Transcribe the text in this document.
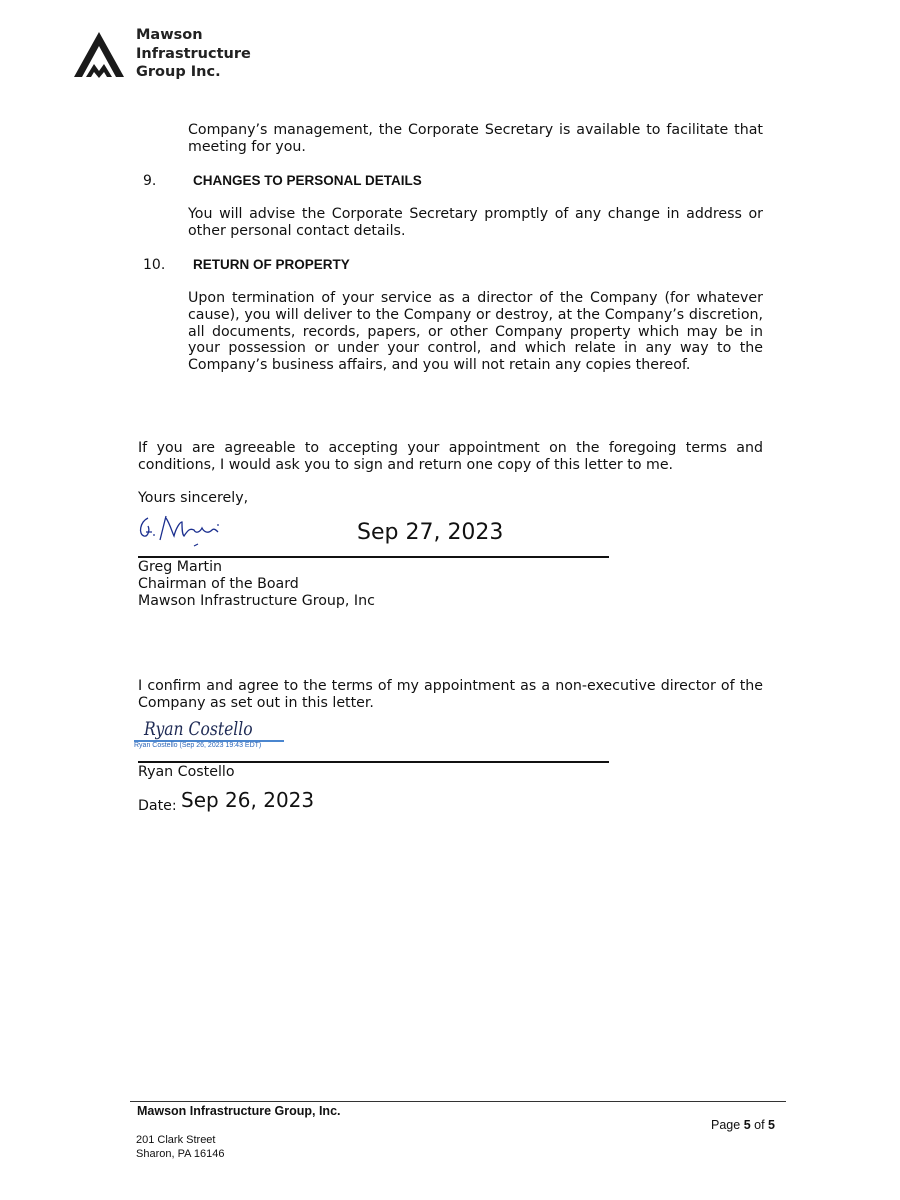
Mawson
Infrastructure
Group Inc.
Company’s management, the Corporate Secretary is available to facilitate that meeting for you.
9.	CHANGES TO PERSONAL DETAILS
You will advise the Corporate Secretary promptly of any change in address or other personal contact details.
10. RETURN OF PROPERTY
Upon termination of your service as a director of the Company (for whatever cause), you will deliver to the Company or destroy, at the Company’s discretion, all documents, records, papers, or other Company property which may be in your possession or under your control, and which relate in any way to the Company’s business affairs, and you will not retain any copies thereof.
If you are agreeable to accepting your appointment on the foregoing terms and conditions, I would ask you to sign and return one copy of this letter to me.
Yours sincerely,
Sep 27, 2023
Greg Martin
Chairman of the Board
Mawson Infrastructure Group, Inc
I confirm and agree to the terms of my appointment as a non-executive director of the Company as set out in this letter.
Ryan Costello
Ryan Costello (Sep 26, 2023 19:43 EDT)
Ryan Costello
Date: Sep 26, 2023
Mawson Infrastructure Group, Inc.
Page 5 of 5
201 Clark Street
Sharon, PA 16146
